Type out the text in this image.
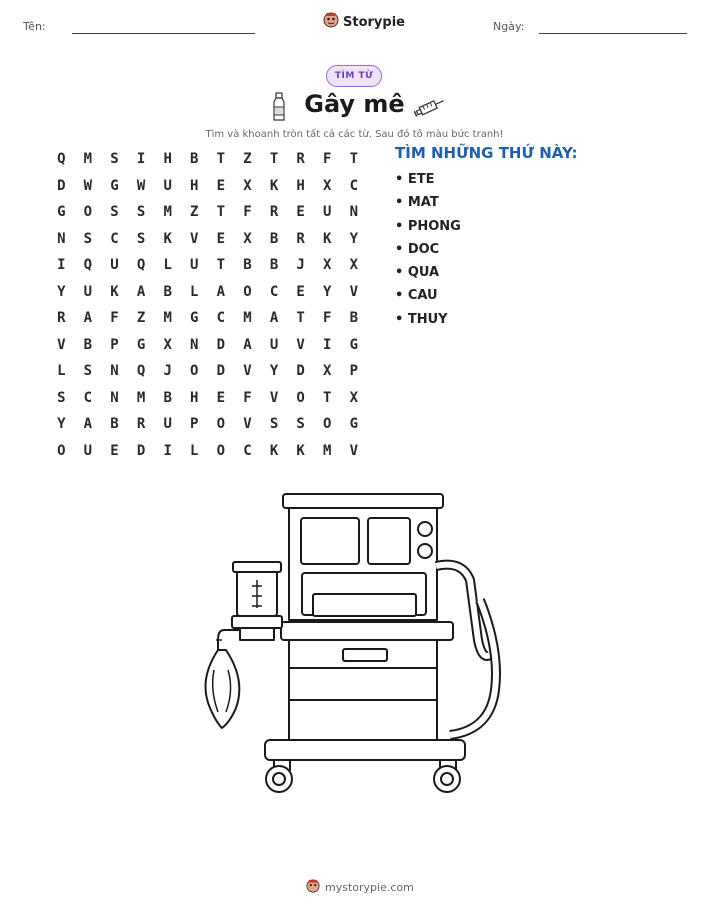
Tên:	Storypie	Ngày:
TÌM TỪ
Gây mê
Tìm và khoanh tròn tất cả các từ. Sau đó tô màu bức tranh!
Q	M	S	I	H	B	T	Z	T	R	F	T
D	W	G	W	U	H	E	X	K	H	X	C
G	O	S	S	M	Z	T	F	R	E	U	N
N	S	C	S	K	V	E	X	B	R	K	Y
I	Q	U	Q	L	U	T	B	B	J	X	X
Y	U	K	A	B	L	A	O	C	E	Y	V
R	A	F	Z	M	G	C	M	A	T	F	B
V	B	P	G	X	N	D	A	U	V	I	G
L	S	N	Q	J	O	D	V	Y	D	X	P
S	C	N	M	B	H	E	F	V	O	T	X
Y	A	B	R	U	P	O	V	S	S	O	G
O	U	E	D	I	L	O	C	K	K	M	V
TÌM NHỮNG THỨ NÀY:
• ETE
• MAT
• PHONG
• DOC
• QUA
• CAU
• THUY
mystorypie.com
